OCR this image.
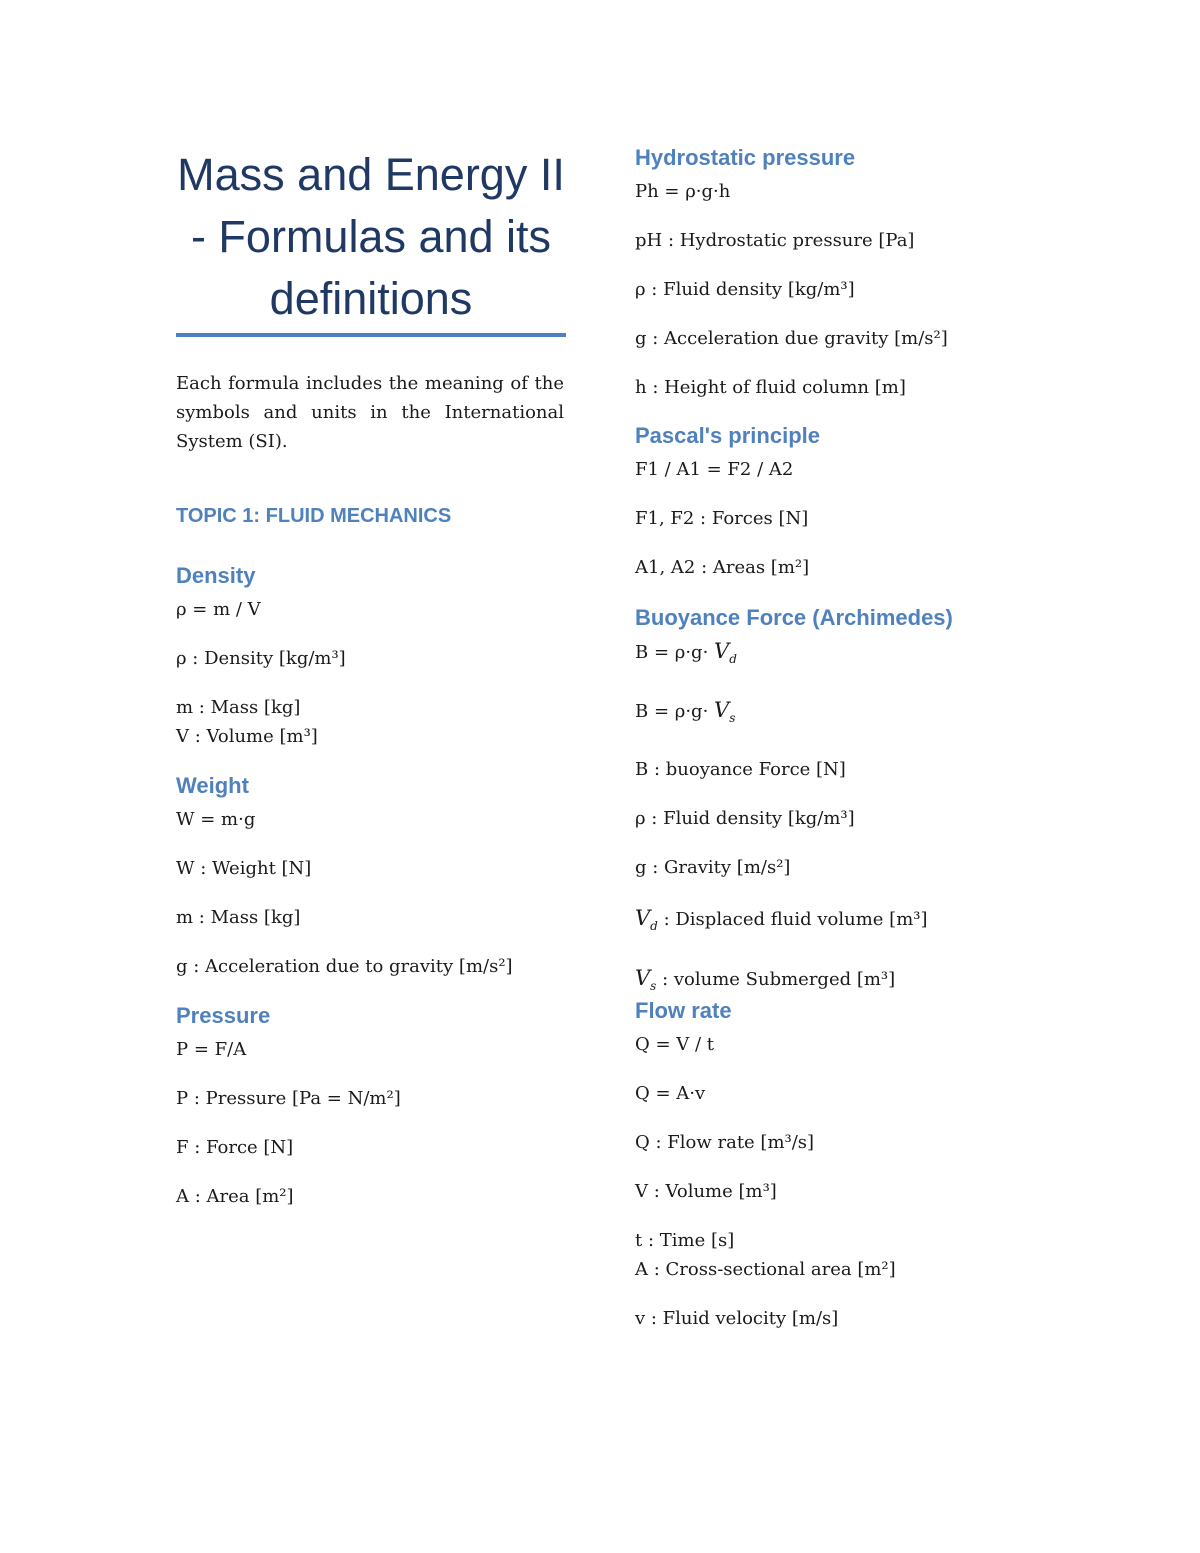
Mass and Energy II - Formulas and its definitions

Each formula includes the meaning of the symbols and units in the International System (SI).

TOPIC 1: FLUID MECHANICS
Density

ρ = m / V

ρ : Density [kg/m³]

m : Mass [kg]

V : Volume [m³]

Weight

W = m·g

W : Weight [N]

m : Mass [kg]

g : Acceleration due to gravity [m/s²]

Pressure

P = F/A

P : Pressure [Pa = N/m²]

F : Force [N]

A : Area [m²]

Hydrostatic pressure

Ph = ρ·g·h

pH : Hydrostatic pressure [Pa]

ρ : Fluid density [kg/m³]

g : Acceleration due gravity [m/s²]

h : Height of fluid column [m]

Pascal's principle

F1 / A1 = F2 / A2

F1, F2 : Forces [N]

A1, A2 : Areas [m²]

Buoyance Force (Archimedes)

$B = \rho\cdot g\cdot V_d$

$B = \rho\cdot g\cdot V_s$

B : buoyance Force [N]

ρ : Fluid density [kg/m³]

g : Gravity [m/s²]

$V_d$ : Displaced fluid volume [m³]

$V_s$ : volume Submerged [m³]

Flow rate

Q = V / t

Q = A·v

Q : Flow rate [m³/s]

V : Volume [m³]

t : Time [s]

A : Cross-sectional area [m²]

v : Fluid velocity [m/s]
